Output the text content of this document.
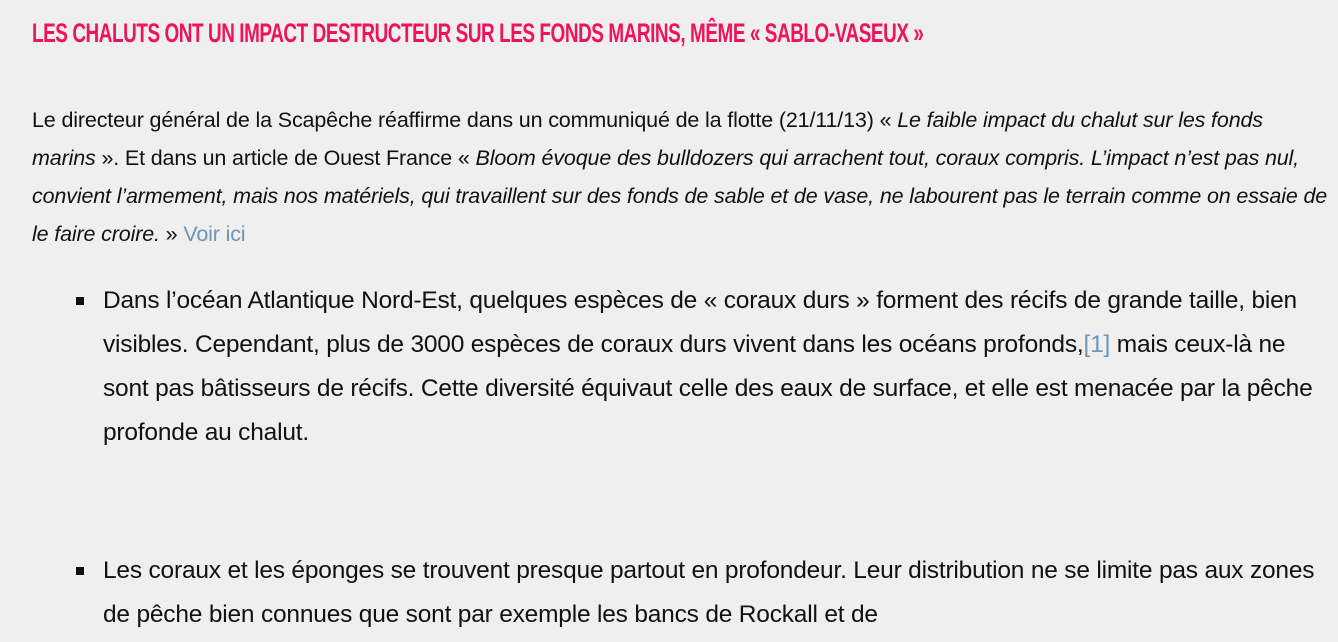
LES CHALUTS ONT UN IMPACT DESTRUCTEUR SUR LES FONDS MARINS, MÊME « SABLO-VASEUX »

Le directeur général de la Scapêche réaffirme dans un communiqué de la flotte (21/11/13) « Le faible impact du chalut sur les fonds marins ». Et dans un article de Ouest France « Bloom évoque des bulldozers qui arrachent tout, coraux compris. L’impact n’est pas nul, convient l’armement, mais nos matériels, qui travaillent sur des fonds de sable et de vase, ne labourent pas le terrain comme on essaie de le faire croire. » Voir ici

Dans l’océan Atlantique Nord-Est, quelques espèces de « coraux durs » forment des récifs de grande taille, bien visibles. Cependant, plus de 3000 espèces de coraux durs vivent dans les océans profonds,[1] mais ceux-là ne sont pas bâtisseurs de récifs. Cette diversité équivaut celle des eaux de surface, et elle est menacée par la pêche profonde au chalut.
Les coraux et les éponges se trouvent presque partout en profondeur. Leur distribution ne se limite pas aux zones de pêche bien connues que sont par exemple les bancs de Rockall et de
